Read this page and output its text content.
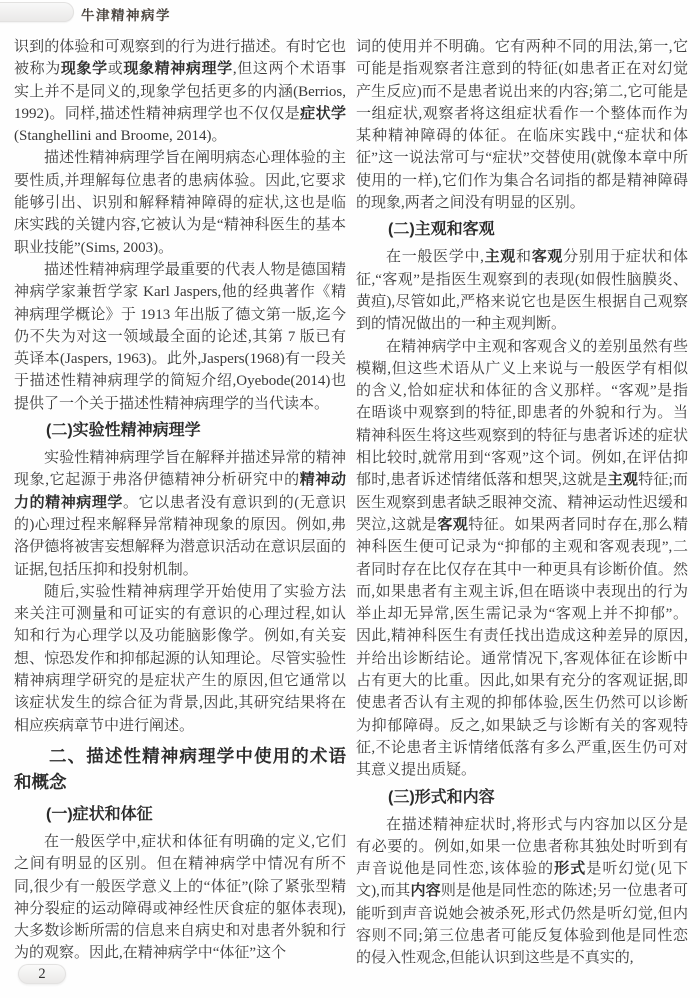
牛津精神病学

识到的体验和可观察到的行为进行描述。有时它也被称为现象学或现象精神病理学,但这两个术语事实上并不是同义的,现象学包括更多的内涵(Berrios, 1992)。同样,描述性精神病理学也不仅仅是症状学(Stanghellini and Broome, 2014)。

描述性精神病理学旨在阐明病态心理体验的主要性质,并理解每位患者的患病体验。因此,它要求能够引出、识别和解释精神障碍的症状,这也是临床实践的关键内容,它被认为是“精神科医生的基本职业技能”(Sims, 2003)。

描述性精神病理学最重要的代表人物是德国精神病学家兼哲学家 Karl Jaspers,他的经典著作《精神病理学概论》于 1913 年出版了德文第一版,迄今仍不失为对这一领域最全面的论述,其第 7 版已有英译本(Jaspers, 1963)。此外,Jaspers(1968)有一段关于描述性精神病理学的简短介绍,Oyebode(2014)也提供了一个关于描述性精神病理学的当代读本。

(二)实验性精神病理学

实验性精神病理学旨在解释并描述异常的精神现象,它起源于弗洛伊德精神分析研究中的精神动力的精神病理学。它以患者没有意识到的(无意识的)心理过程来解释异常精神现象的原因。例如,弗洛伊德将被害妄想解释为潜意识活动在意识层面的证据,包括压抑和投射机制。

随后,实验性精神病理学开始使用了实验方法来关注可测量和可证实的有意识的心理过程,如认知和行为心理学以及功能脑影像学。例如,有关妄想、惊恐发作和抑郁起源的认知理论。尽管实验性精神病理学研究的是症状产生的原因,但它通常以该症状发生的综合征为背景,因此,其研究结果将在相应疾病章节中进行阐述。

二、描述性精神病理学中使用的术语和概念
(一)症状和体征

在一般医学中,症状和体征有明确的定义,它们之间有明显的区别。但在精神病学中情况有所不同,很少有一般医学意义上的“体征”(除了紧张型精神分裂症的运动障碍或神经性厌食症的躯体表现),大多数诊断所需的信息来自病史和对患者外貌和行为的观察。因此,在精神病学中“体征”这个

词的使用并不明确。它有两种不同的用法,第一,它可能是指观察者注意到的特征(如患者正在对幻觉产生反应)而不是患者说出来的内容;第二,它可能是一组症状,观察者将这组症状看作一个整体而作为某种精神障碍的体征。在临床实践中,“症状和体征”这一说法常可与“症状”交替使用(就像本章中所使用的一样),它们作为集合名词指的都是精神障碍的现象,两者之间没有明显的区别。

(二)主观和客观

在一般医学中,主观和客观分别用于症状和体征,“客观”是指医生观察到的表现(如假性脑膜炎、黄疸),尽管如此,严格来说它也是医生根据自己观察到的情况做出的一种主观判断。

在精神病学中主观和客观含义的差别虽然有些模糊,但这些术语从广义上来说与一般医学有相似的含义,恰如症状和体征的含义那样。“客观”是指在晤谈中观察到的特征,即患者的外貌和行为。当精神科医生将这些观察到的特征与患者诉述的症状相比较时,就常用到“客观”这个词。例如,在评估抑郁时,患者诉述情绪低落和想哭,这就是主观特征;而医生观察到患者缺乏眼神交流、精神运动性迟缓和哭泣,这就是客观特征。如果两者同时存在,那么精神科医生便可记录为“抑郁的主观和客观表现”,二者同时存在比仅存在其中一种更具有诊断价值。然而,如果患者有主观主诉,但在晤谈中表现出的行为举止却无异常,医生需记录为“客观上并不抑郁”。因此,精神科医生有责任找出造成这种差异的原因,并给出诊断结论。通常情况下,客观体征在诊断中占有更大的比重。因此,如果有充分的客观证据,即使患者否认有主观的抑郁体验,医生仍然可以诊断为抑郁障碍。反之,如果缺乏与诊断有关的客观特征,不论患者主诉情绪低落有多么严重,医生仍可对其意义提出质疑。

(三)形式和内容

在描述精神症状时,将形式与内容加以区分是有必要的。例如,如果一位患者称其独处时听到有声音说他是同性恋,该体验的形式是听幻觉(见下文),而其内容则是他是同性恋的陈述;另一位患者可能听到声音说她会被杀死,形式仍然是听幻觉,但内容则不同;第三位患者可能反复体验到他是同性恋的侵入性观念,但能认识到这些是不真实的,

2
